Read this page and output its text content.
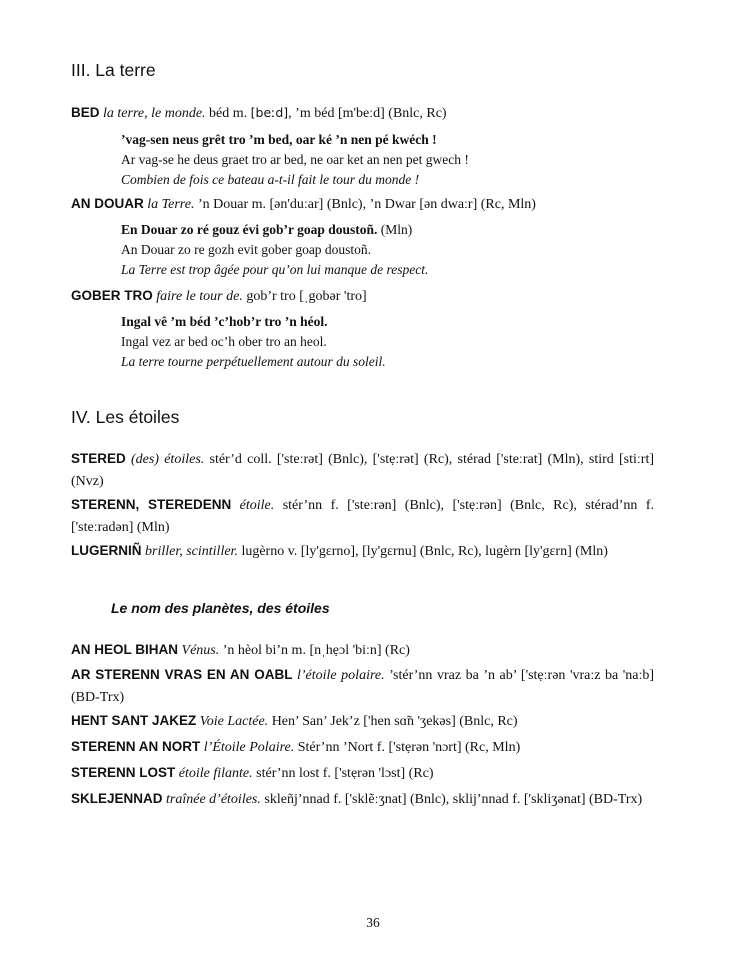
III. La terre
BED la terre, le monde. béd m. [beːd], ’m béd [m'beːd] (Bnlc, Rc)
’vag-sen neus grêt tro ’m bed, oar ké ’n nen pé kwéch !
Ar vag-se he deus graet tro ar bed, ne oar ket an nen pet gwech !
Combien de fois ce bateau a-t-il fait le tour du monde !
AN DOUAR la Terre. ’n Douar m. [ən'duːar] (Bnlc), ’n Dwar [ən dwaːr] (Rc, Mln)
En Douar zo ré gouz évi gob’r goap doustoñ. (Mln)
An Douar zo re gozh evit gober goap doustoñ.
La Terre est trop âgée pour qu’on lui manque de respect.
GOBER TRO faire le tour de. gob’r tro [ˌgobər 'tro]
Ingal vê ’m béd ’c’hob’r tro ’n héol.
Ingal vez ar bed oc’h ober tro an heol.
La terre tourne perpétuellement autour du soleil.
IV. Les étoiles
STERED (des) étoiles. stér’d coll. ['steːrət] (Bnlc), ['stẹːrət] (Rc), stérad ['steːrat] (Mln), stird [stiːrt] (Nvz)
STERENN, STEREDENN étoile. stér’nn f. ['steːrən] (Bnlc), ['stẹːrən] (Bnlc, Rc), stérad’nn f. ['steːradən] (Mln)
LUGERNIÑ briller, scintiller. lugèrno v. [ly'gɛrno], [ly'gɛrnu] (Bnlc, Rc), lugèrn [ly'gɛrn] (Mln)
Le nom des planètes, des étoiles
AN HEOL BIHAN Vénus. ’n hèol bi’n m. [nˌhẹɔl 'biːn] (Rc)
AR STERENN VRAS EN AN OABL l’étoile polaire. ’stér’nn vraz ba ’n ab’ ['stẹːrən 'vraːz ba 'naːb] (BD-Trx)
HENT SANT JAKEZ Voie Lactée. Hen’ San’ Jek’z ['hen sɑ̃n 'ʒekəs] (Bnlc, Rc)
STERENN AN NORT l’Étoile Polaire. Stér’nn ’Nort f. ['stẹrən 'nɔrt] (Rc, Mln)
STERENN LOST étoile filante. stér’nn lost f. ['stẹrən 'lɔst] (Rc)
SKLEJENNAD traînée d’étoiles. skleñj’nnad f. ['sklẽːʒnat] (Bnlc), sklij’nnad f. ['skliʒənat] (BD-Trx)
36
